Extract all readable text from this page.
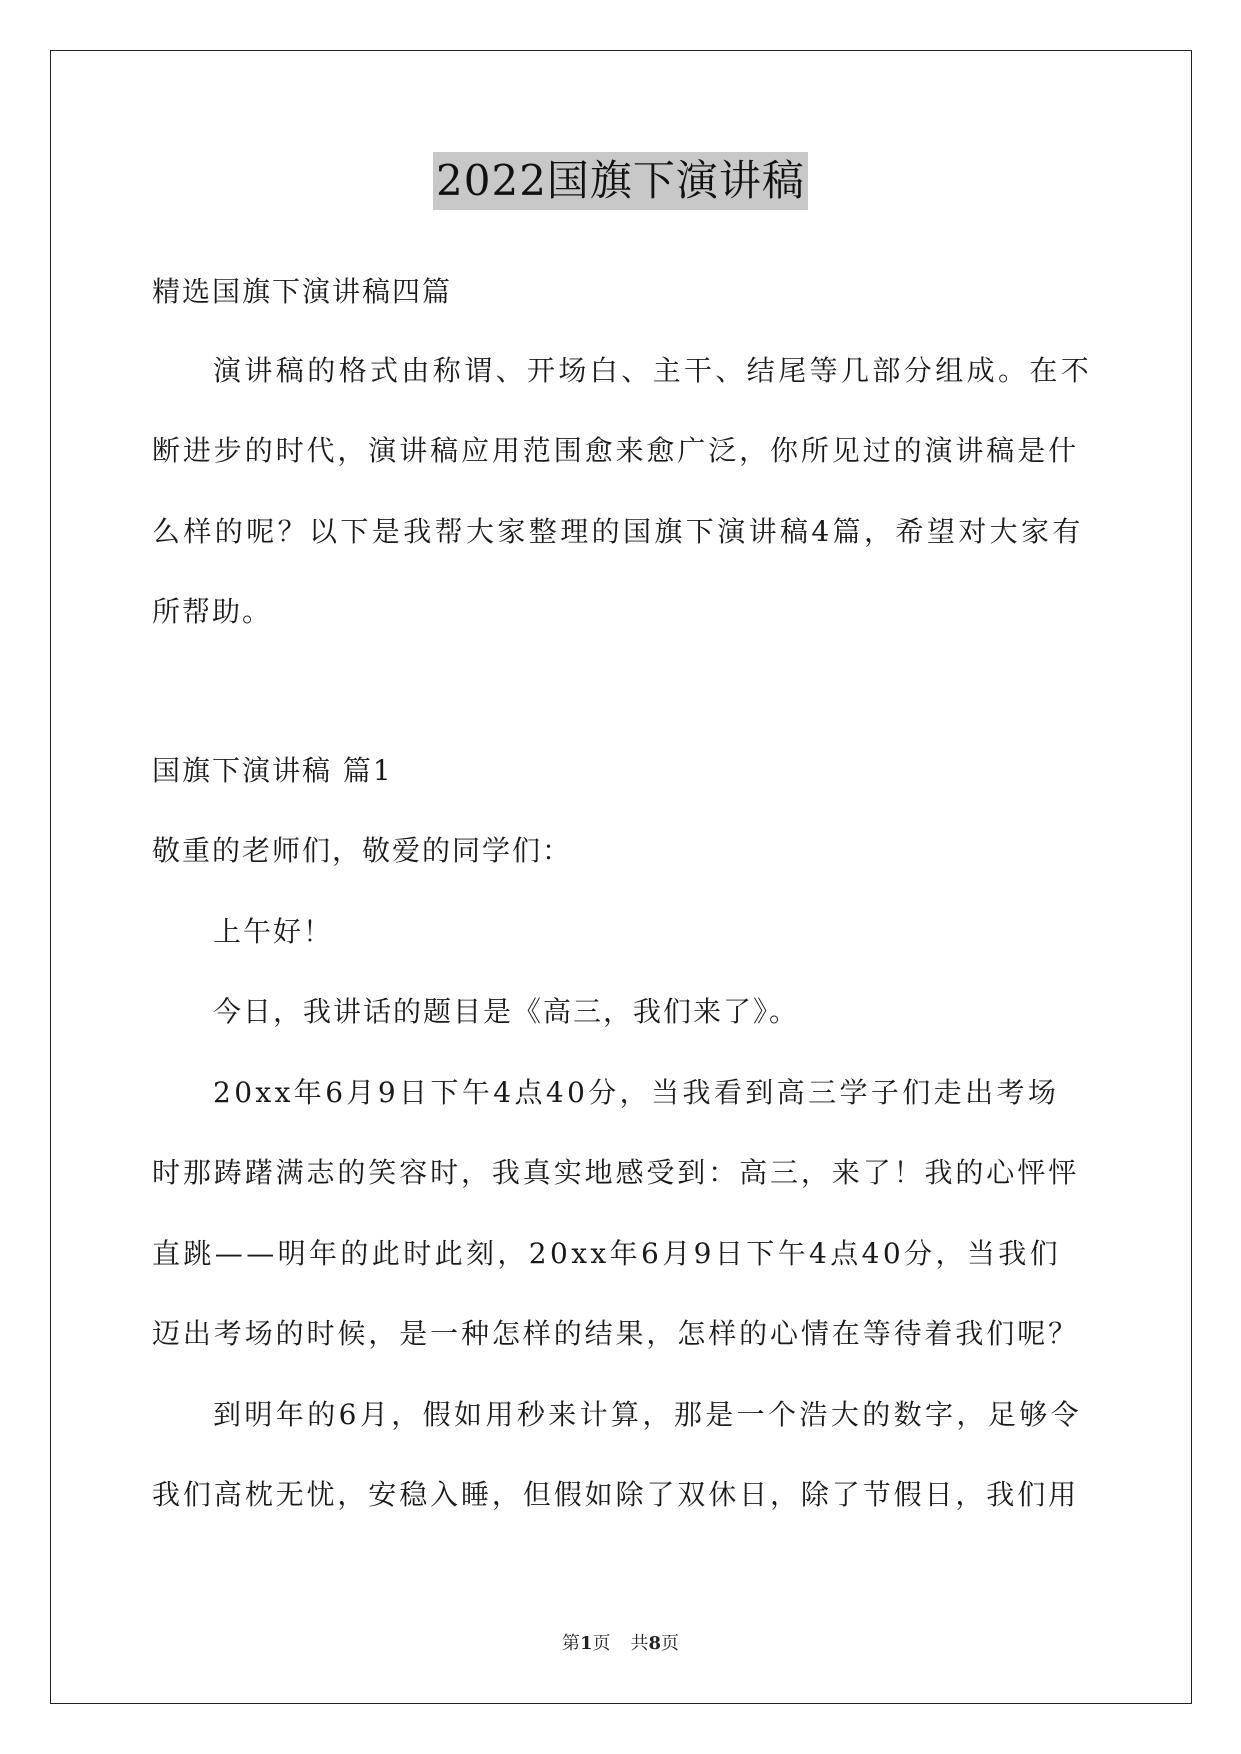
2022国旗下演讲稿
精选国旗下演讲稿四篇
演讲稿的格式由称谓、开场白、主干、结尾等几部分组成。在不
断进步的时代，演讲稿应用范围愈来愈广泛，你所见过的演讲稿是什
么样的呢？以下是我帮大家整理的国旗下演讲稿4篇，希望对大家有
所帮助。
国旗下演讲稿 篇1
敬重的老师们，敬爱的同学们：
上午好！
今日，我讲话的题目是《高三，我们来了》。
20xx年6月9日下午4点40分，当我看到高三学子们走出考场
时那踌躇满志的笑容时，我真实地感受到：高三，来了！我的心怦怦
直跳——明年的此时此刻，20xx年6月9日下午4点40分，当我们
迈出考场的时候，是一种怎样的结果，怎样的心情在等待着我们呢？
到明年的6月，假如用秒来计算，那是一个浩大的数字，足够令
我们高枕无忧，安稳入睡，但假如除了双休日，除了节假日，我们用
第1页 共8页
